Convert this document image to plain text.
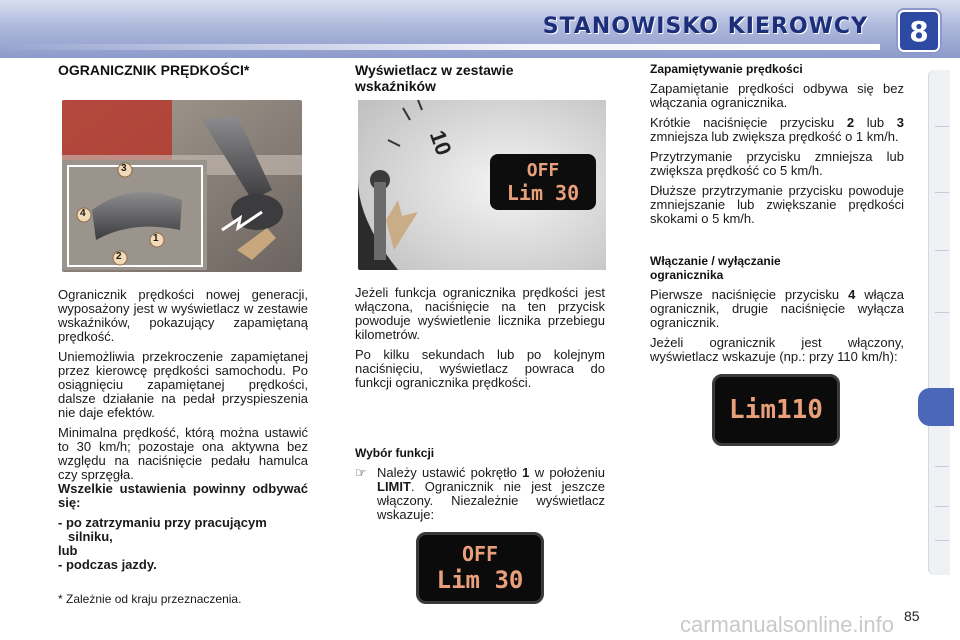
STANOWISKO KIEROWCY	8
OGRANICZNIK PRĘDKOŚCI*
3
4
1
2

Ogranicznik prędkości nowej generacji, wyposażony jest w wyświetlacz w zestawie wskaźników, pokazujący zapamiętaną prędkość.

Uniemożliwia przekroczenie zapamiętanej przez kierowcę prędkości samochodu. Po osiągnięciu zapamiętanej prędkości, dalsze działanie na pedał przyspieszenia nie daje efektów.

Minimalna prędkość, którą można ustawić to 30 km/h; pozostaje ona aktywna bez względu na naciśnięcie pedału hamulca czy sprzęgła.

Wszelkie ustawienia powinny odbywać się:

- po zatrzymaniu przy pracującym silniku,
lub
- podczas jazdy.
* Zależnie od kraju przeznaczenia.
Wyświetlacz w zestawie wskaźników
10
OFF
Lim 30

Jeżeli funkcja ogranicznika prędkości jest włączona, naciśnięcie na ten przycisk powoduje wyświetlenie licznika przebiegu kilometrów.

Po kilku sekundach lub po kolejnym naciśnięciu, wyświetlacz powraca do funkcji ogranicznika prędkości.

Wybór funkcji

☞ Należy ustawić pokrętło 1 w położeniu LIMIT. Ogranicznik nie jest jeszcze włączony. Niezależnie wyświetlacz wskazuje:

OFF
Lim 30
Zapamiętywanie prędkości

Zapamiętanie prędkości odbywa się bez włączania ogranicznika.

Krótkie naciśnięcie przycisku 2 lub 3 zmniejsza lub zwiększa prędkość o 1 km/h.

Przytrzymanie przycisku zmniejsza lub zwiększa prędkość co 5 km/h.

Dłuższe przytrzymanie przycisku powoduje zmniejszanie lub zwiększanie prędkości skokami o 5 km/h.

Włączanie / wyłączanie ogranicznika

Pierwsze naciśnięcie przycisku 4 włącza ogranicznik, drugie naciśnięcie wyłącza ogranicznik.

Jeżeli ogranicznik jest włączony, wyświetlacz wskazuje (np.: przy 110 km/h):

Lim110
carmanualsonline.info 85
